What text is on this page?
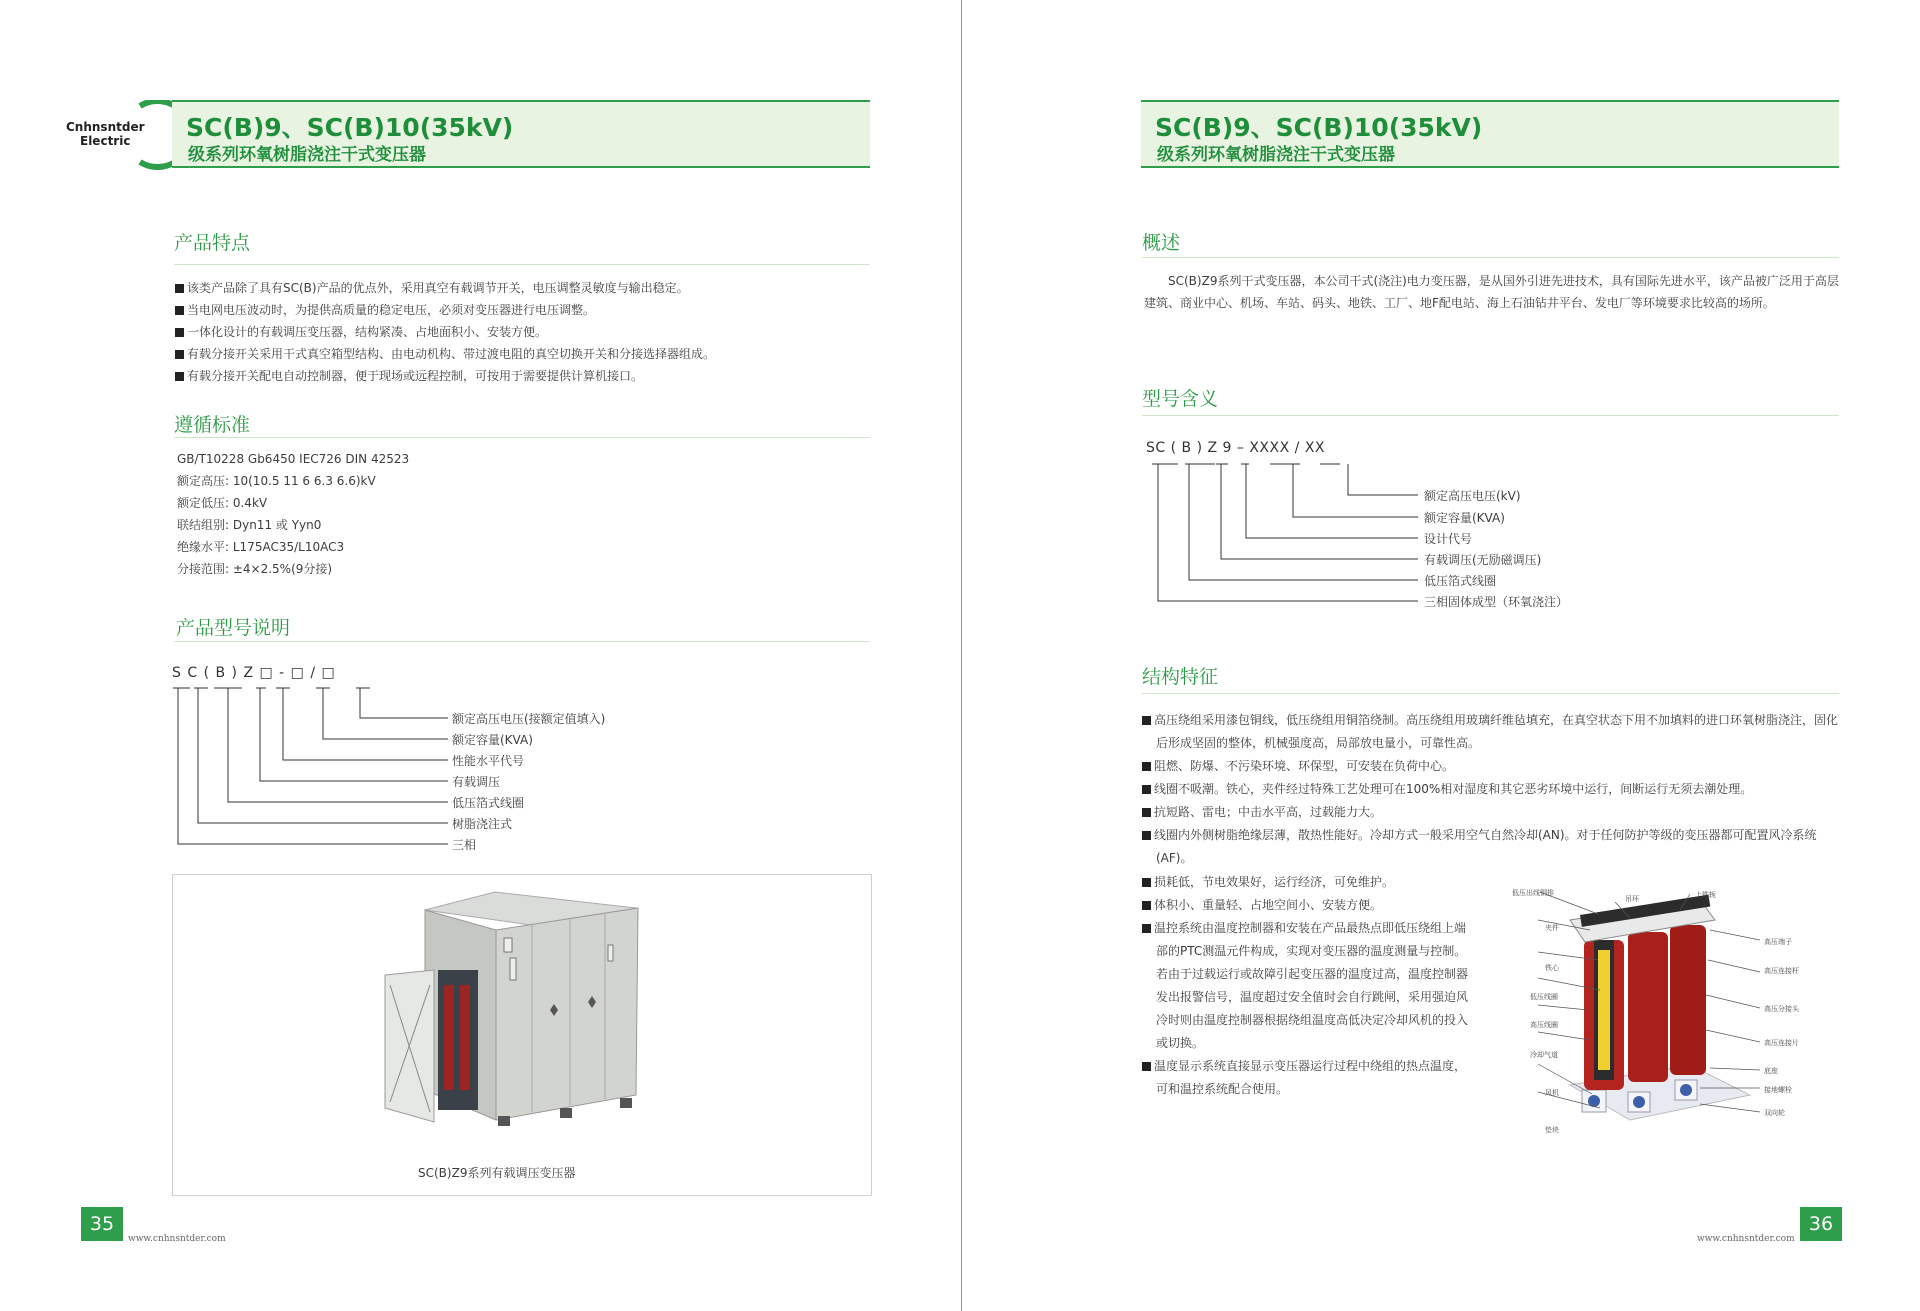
Cnhnsntder
Electric SC(B)9、SC(B)10(35kV)
级系列环氧树脂浇注干式变压器
产品特点
该类产品除了具有SC(B)产品的优点外，采用真空有载调节开关，电压调整灵敏度与输出稳定。
当电网电压波动时，为提供高质量的稳定电压，必须对变压器进行电压调整。
一体化设计的有载调压变压器，结构紧凑、占地面积小、安装方便。
有载分接开关采用干式真空箱型结构、由电动机构、带过渡电阻的真空切换开关和分接选择器组成。
有载分接开关配电自动控制器，便于现场或远程控制，可按用于需要提供计算机接口。
遵循标准
GB/T10228 Gb6450 IEC726 DIN 42523
额定高压: 10(10.5 11 6 6.3 6.6)kV
额定低压: 0.4kV
联结组别: Dyn11 或 Yyn0
绝缘水平: L175AC35/L10AC3
分接范围: ±4×2.5%(9分接)
产品型号说明
S C ( B ) Z □ - □ / □
额定高压电压(接额定值填入)
额定容量(KVA)
性能水平代号
有载调压
低压箔式线圈
树脂浇注式
三相
SC(B)Z9系列有载调压变压器
35
www.cnhnsntder.com
SC(B)9、SC(B)10(35kV)
级系列环氧树脂浇注干式变压器
概述
SC(B)Z9系列干式变压器，本公司干式(浇注)电力变压器，是从国外引进先进技术，具有国际先进水平，该产品被广泛用于高层建筑、商业中心、机场、车站、码头、地铁、工厂、地F配电站、海上石油钻井平台、发电厂等环境要求比较高的场所。
型号含义
SC ( B ) Z 9 – XXXX / XX
额定高压电压(kV)
额定容量(KVA)
设计代号
有载调压(无励磁调压)
低压箔式线圈
三相固体成型（环氧浇注）
结构特征
高压绕组采用漆包铜线，低压绕组用铜箔绕制。高压绕组用玻璃纤维毡填充，在真空状态下用不加填料的进口环氧树脂浇注，固化后形成坚固的整体，机械强度高，局部放电量小，可靠性高。
阻燃、防爆、不污染环境、环保型，可安装在负荷中心。
线圈不吸潮。铁心，夹件经过特殊工艺处理可在100%相对湿度和其它恶劣环境中运行，间断运行无须去潮处理。
抗短路、雷电；中击水平高，过载能力大。
线圈内外侧树脂绝缘层薄，散热性能好。冷却方式一般采用空气自然冷却(AN)。对于任何防护等级的变压器都可配置风冷系统(AF)。
损耗低，节电效果好，运行经济，可免维护。
体积小、重量轻、占地空间小、安装方便。
温控系统由温度控制器和安装在产品最热点即低压绕组上端部的PTC测温元件构成，实现对变压器的温度测量与控制。若由于过载运行或故障引起变压器的温度过高，温度控制器发出报警信号，温度超过安全值时会自行跳闸，采用强迫风冷时则由温度控制器根据绕组温度高低决定冷却风机的投入或切换。
温度显示系统直接显示变压器运行过程中绕组的热点温度，可和温控系统配合使用。
低压出线铜排
夹件
铁心
低压线圈
高压线圈
冷却气道
风机
垫块
吊环	上铁轭
高压端子
高压连接杆
高压分接头
高压连接片
底座
接地螺栓
双向轮
www.cnhnsntder.com
36
